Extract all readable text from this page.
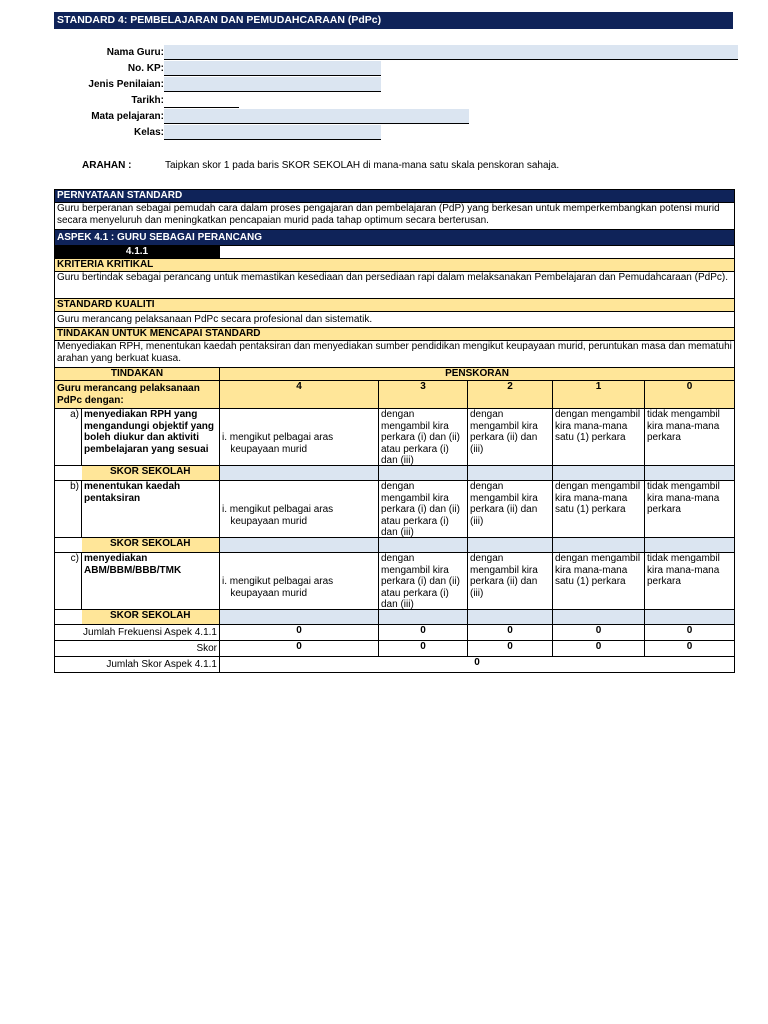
STANDARD 4: PEMBELAJARAN DAN PEMUDAHCARAAN (PdPc)
Nama Guru:
No. KP:
Jenis Penilaian:
Tarikh:
Mata pelajaran:
Kelas:
ARAHAN :	Taipkan skor 1 pada baris SKOR SEKOLAH di mana-mana satu skala penskoran sahaja.
PERNYATAAN STANDARD						
Guru berperanan sebagai pemudah cara dalam proses pengajaran dan pembelajaran (PdP) yang berkesan untuk memperkembangkan potensi murid secara menyeluruh dan meningkatkan pencapaian murid pada tahap optimum secara berterusan.						
ASPEK 4.1 : GURU SEBAGAI PERANCANG						
4.1.1						
KRITERIA KRITIKAL						
Guru bertindak sebagai perancang untuk memastikan kesediaan dan persediaan rapi dalam melaksanakan Pembelajaran dan Pemudahcaraan (PdPc).						
STANDARD KUALITI						
Guru merancang pelaksanaan PdPc secara profesional dan sistematik.						
TINDAKAN UNTUK MENCAPAI STANDARD						
Menyediakan RPH, menentukan kaedah pentaksiran dan menyediakan sumber pendidikan mengikut keupayaan murid, peruntukan masa dan mematuhi arahan yang berkuat kuasa.						
TINDAKAN		PENSKORAN				
Guru merancang pelaksanaan PdPc dengan:		4	3	2	1	0
a)	menyediakan RPH yang mengandungi objektif yang boleh diukur dan aktiviti pembelajaran yang sesuai	i. mengikut pelbagai aras
keupayaan murid	dengan mengambil kira perkara (i) dan (ii) atau perkara (i) dan (iii)	dengan mengambil kira perkara (ii) dan (iii)	dengan mengambil kira mana-mana satu (1) perkara	tidak mengambil kira mana-mana perkara

	SKOR SEKOLAH					
b)	menentukan kaedah pentaksiran	i. mengikut pelbagai aras
keupayaan murid	dengan mengambil kira perkara (i) dan (ii) atau perkara (i) dan (iii)	dengan mengambil kira perkara (ii) dan (iii)	dengan mengambil kira mana-mana satu (1) perkara	tidak mengambil kira mana-mana perkara

	SKOR SEKOLAH					
c)	menyediakan ABM/BBM/BBB/TMK	i. mengikut pelbagai aras
keupayaan murid	dengan mengambil kira perkara (i) dan (ii) atau perkara (i) dan (iii)	dengan mengambil kira perkara (ii) dan (iii)	dengan mengambil kira mana-mana satu (1) perkara	tidak mengambil kira mana-mana perkara

	SKOR SEKOLAH					
Jumlah Frekuensi Aspek 4.1.1		0	0	0	0	0
Skor		0	0	0	0	0
Jumlah Skor Aspek 4.1.1		0				
